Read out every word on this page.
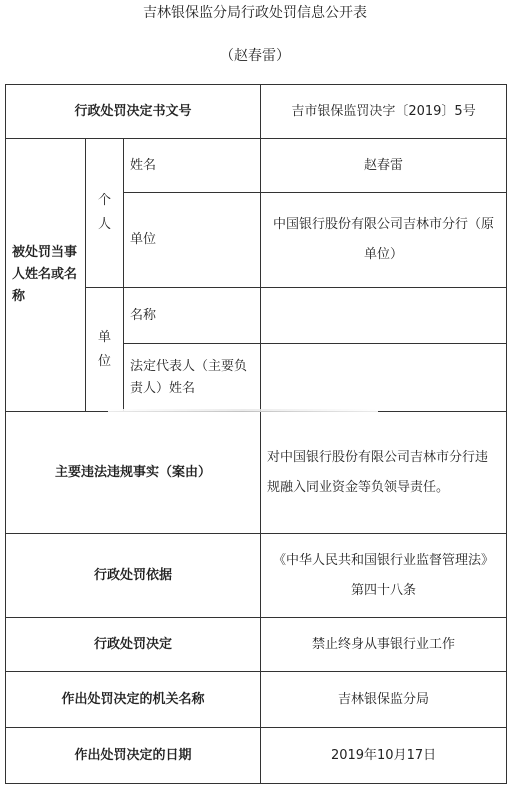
吉林银保监分局行政处罚信息公开表
（赵春雷）
行政处罚决定书文号			吉市银保监罚决字〔2019〕5号
被处罚当事人姓名或名称	个人	姓名	赵春雷
		单位	中国银行股份有限公司吉林市分行（原单位）
	单位	名称	
		法定代表人（主要负责人）姓名	
主要违法违规事实（案由）			对中国银行股份有限公司吉林市分行违规融入同业资金等负领导责任。
行政处罚依据			《中华人民共和国银行业监督管理法》第四十八条
行政处罚决定			禁止终身从事银行业工作
作出处罚决定的机关名称			吉林银保监分局
作出处罚决定的日期			2019年10月17日
